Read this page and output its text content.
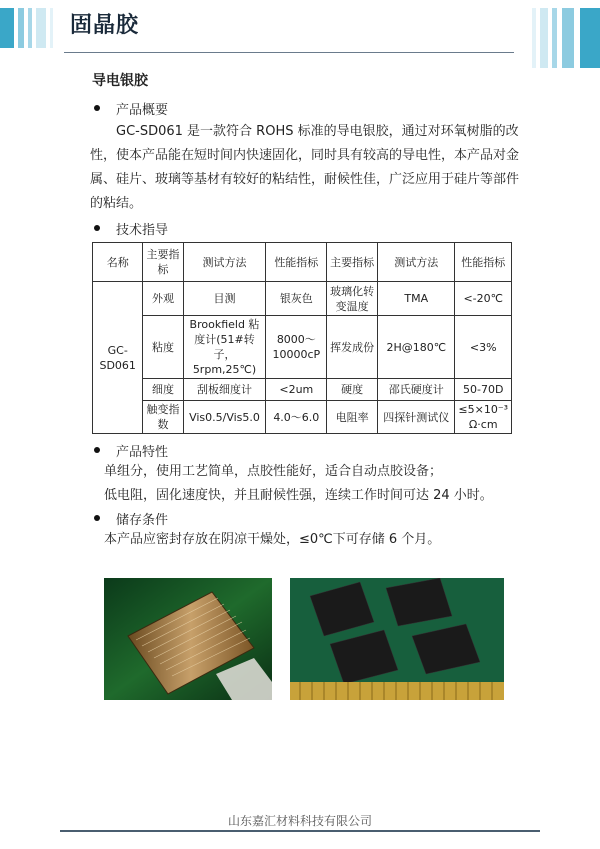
固晶胶
导电银胶
产品概要

GC-SD061 是一款符合 ROHS 标准的导电银胶，通过对环氧树脂的改性，使本产品能在短时间内快速固化，同时具有较高的导电性，本产品对金属、硅片、玻璃等基材有较好的粘结性，耐候性佳，广泛应用于硅片等部件的粘结。

技术指导
名称	主要指标	测试方法	性能指标	主要指标	测试方法	性能指标
GC-SD061	外观	目测	银灰色	玻璃化转变温度	TMA	<-20℃
	粘度	Brookfield 粘度计(51#转子，5rpm,25℃)	8000～10000cP	挥发成份	2H@180℃	<3%
	细度	刮板细度计	<2um	硬度	邵氏硬度计	50-70D
	触变指数	Vis0.5/Vis5.0	4.0～6.0	电阻率	四探针测试仪	≤5×10⁻³ Ω·cm
产品特性
单组分，使用工艺简单，点胶性能好，适合自动点胶设备；
低电阻，固化速度快，并且耐候性强，连续工作时间可达 24 小时。
储存条件
本产品应密封存放在阴凉干燥处，≤0℃下可存储 6 个月。
山东嘉汇材料科技有限公司
